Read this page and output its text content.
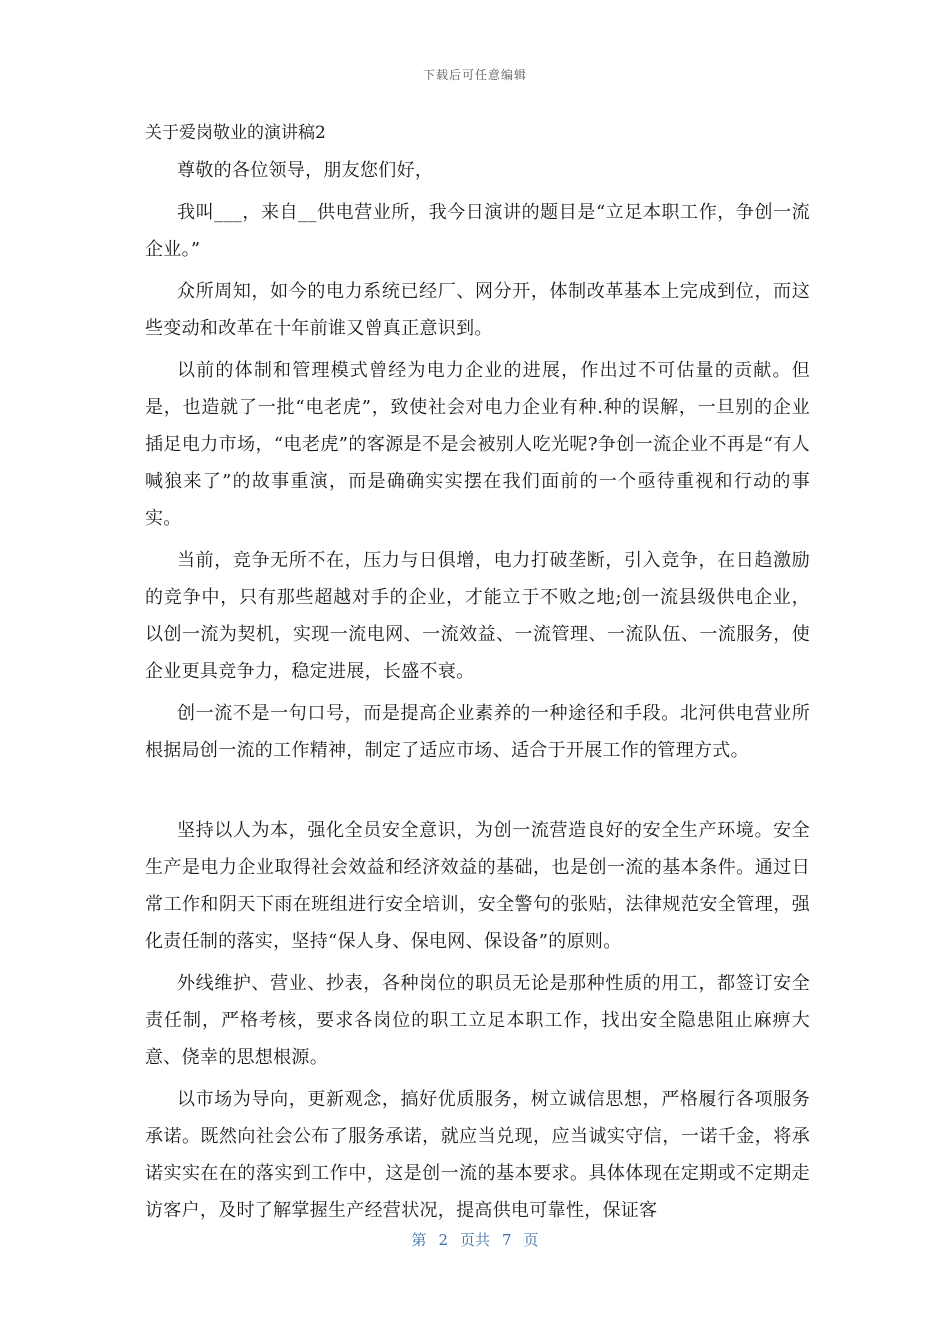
下载后可任意编辑
关于爱岗敬业的演讲稿2

尊敬的各位领导，朋友您们好，

我叫___，来自__供电营业所，我今日演讲的题目是“立足本职工作，争创一流企业。”

众所周知，如今的电力系统已经厂、网分开，体制改革基本上完成到位，而这些变动和改革在十年前谁又曾真正意识到。

以前的体制和管理模式曾经为电力企业的进展，作出过不可估量的贡献。但是，也造就了一批“电老虎”，致使社会对电力企业有种.种的误解，一旦别的企业插足电力市场，“电老虎”的客源是不是会被别人吃光呢?争创一流企业不再是“有人喊狼来了”的故事重演，而是确确实实摆在我们面前的一个亟待重视和行动的事实。

当前，竞争无所不在，压力与日俱增，电力打破垄断，引入竞争，在日趋激励的竞争中，只有那些超越对手的企业，才能立于不败之地;创一流县级供电企业，以创一流为契机，实现一流电网、一流效益、一流管理、一流队伍、一流服务，使企业更具竞争力，稳定进展，长盛不衰。

创一流不是一句口号，而是提高企业素养的一种途径和手段。北河供电营业所根据局创一流的工作精神，制定了适应市场、适合于开展工作的管理方式。

坚持以人为本，强化全员安全意识，为创一流营造良好的安全生产环境。安全生产是电力企业取得社会效益和经济效益的基础，也是创一流的基本条件。通过日常工作和阴天下雨在班组进行安全培训，安全警句的张贴，法律规范安全管理，强化责任制的落实，坚持“保人身、保电网、保设备”的原则。

外线维护、营业、抄表，各种岗位的职员无论是那种性质的用工，都签订安全责任制，严格考核，要求各岗位的职工立足本职工作，找出安全隐患阻止麻痹大意、侥幸的思想根源。

以市场为导向，更新观念，搞好优质服务，树立诚信思想，严格履行各项服务承诺。既然向社会公布了服务承诺，就应当兑现，应当诚实守信，一诺千金，将承诺实实在在的落实到工作中，这是创一流的基本要求。具体体现在定期或不定期走访客户，及时了解掌握生产经营状况，提高供电可靠性，保证客

第 2 页共 7 页
